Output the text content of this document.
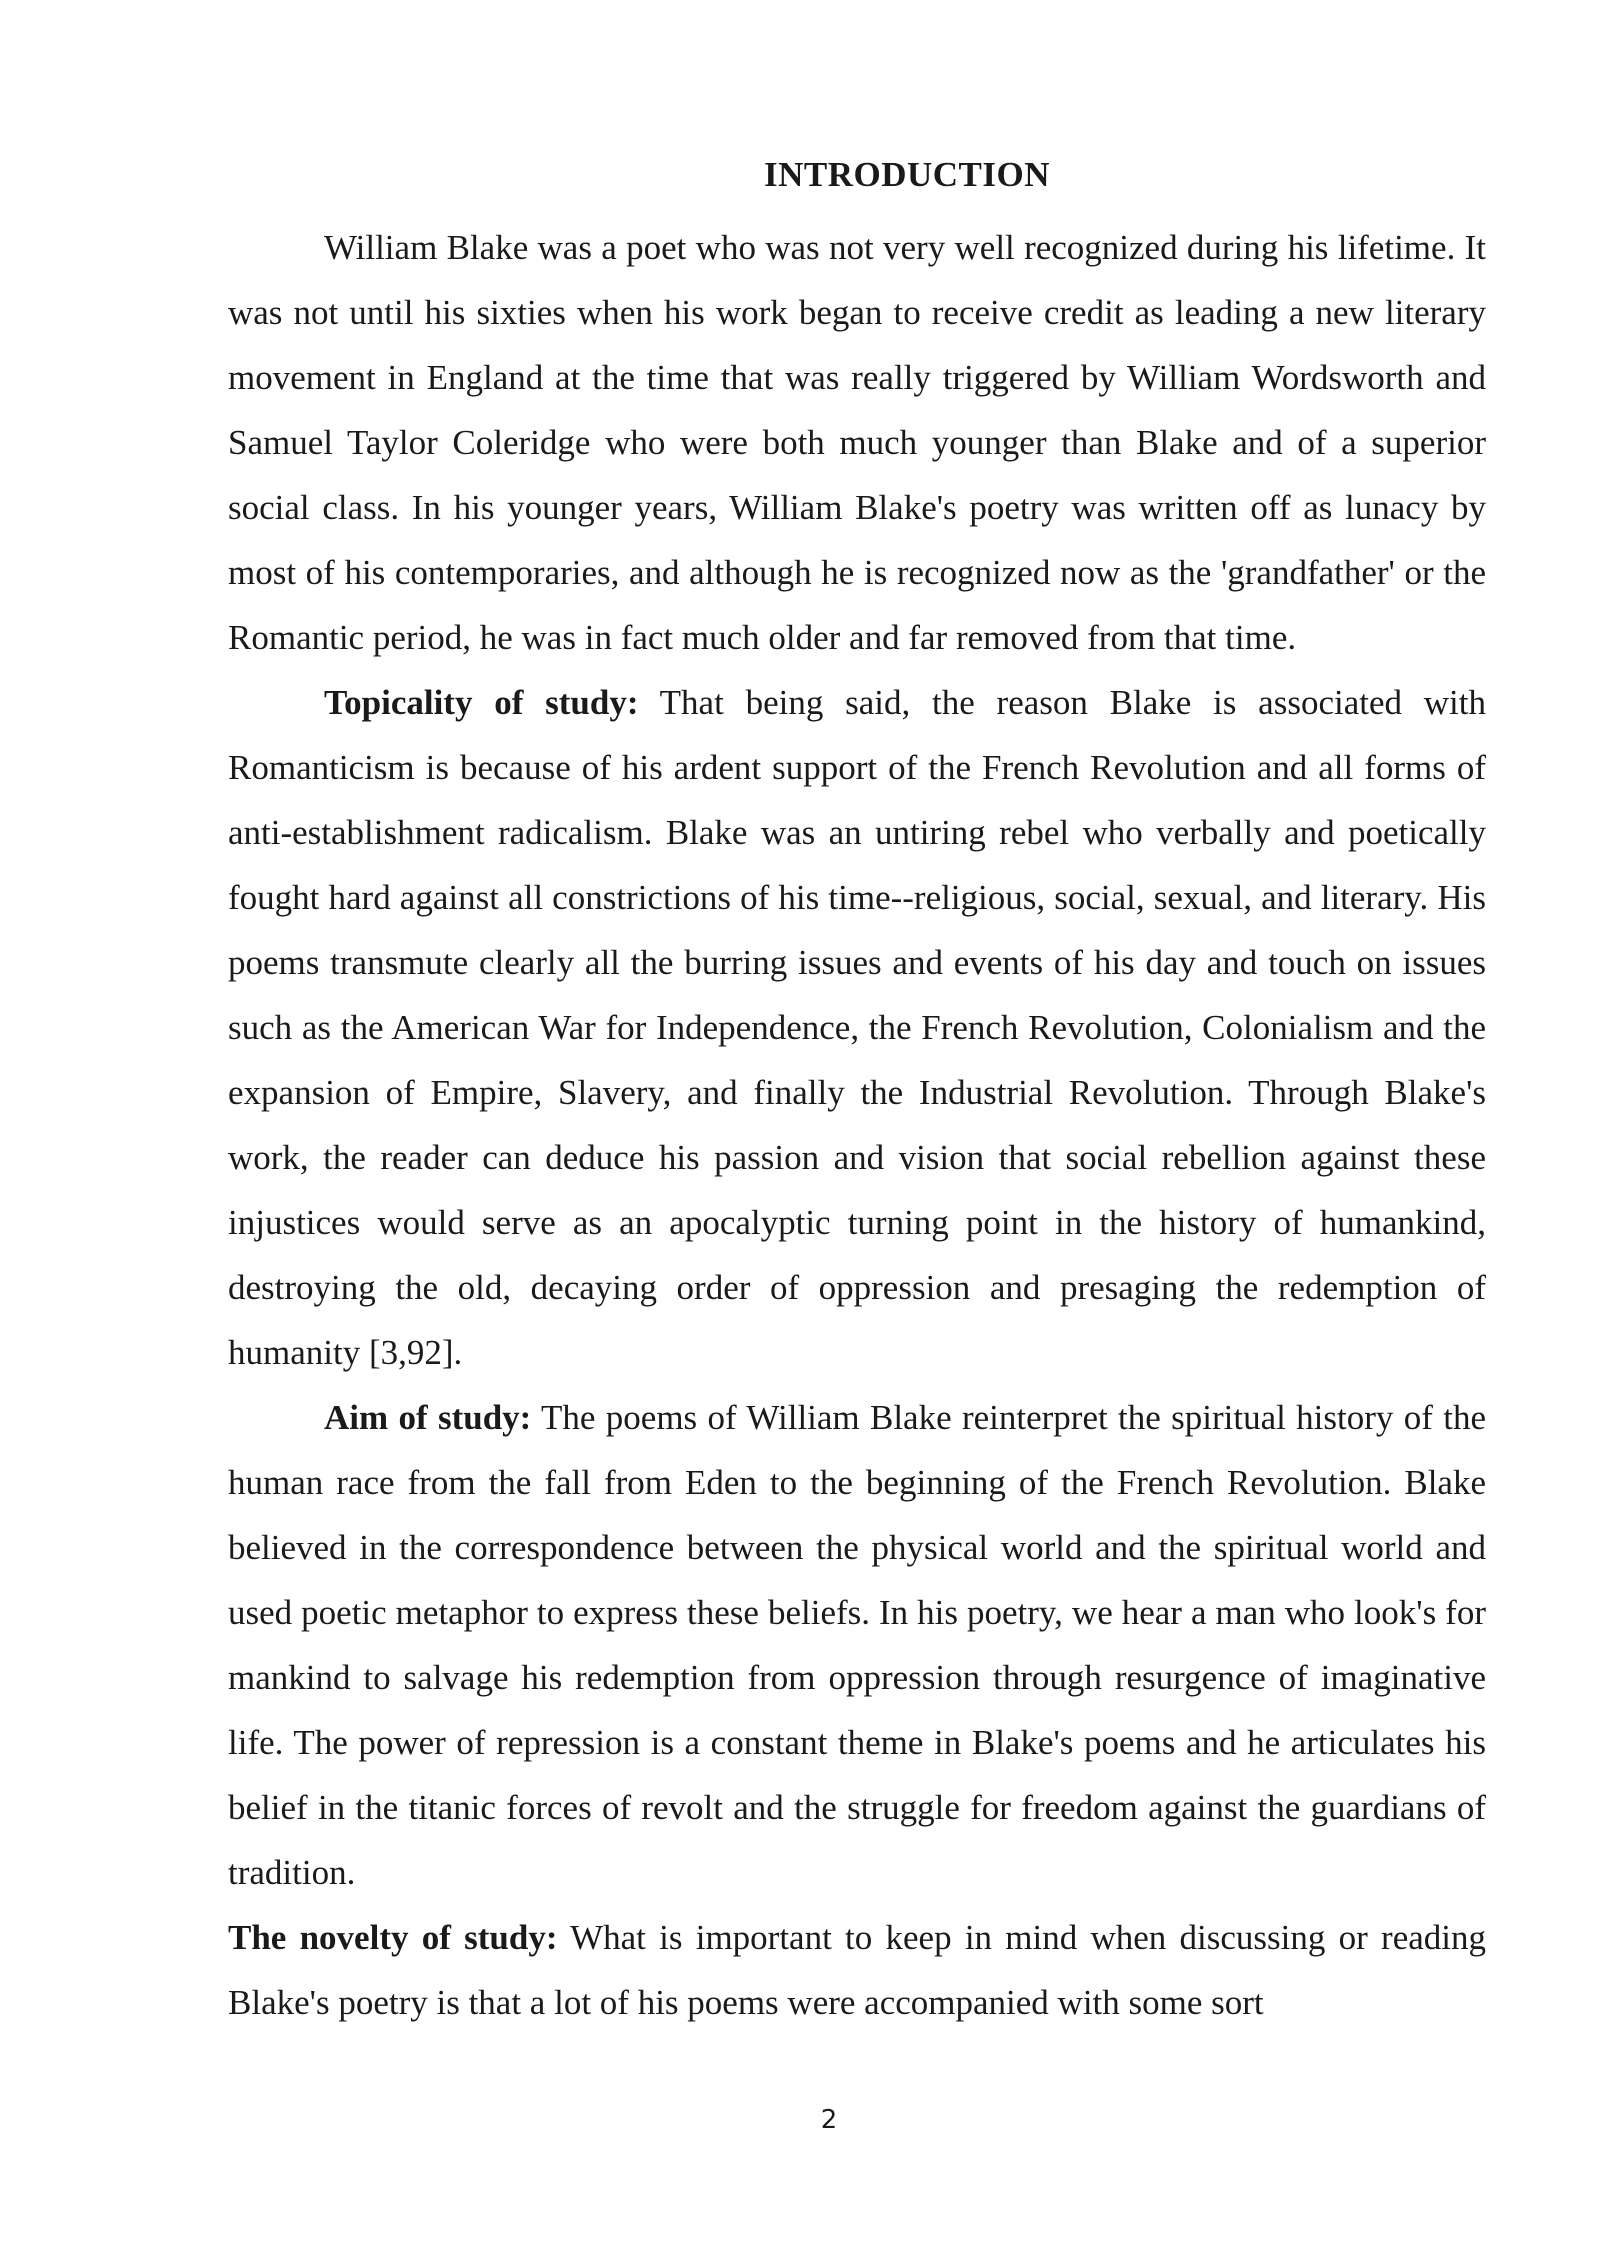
INTRODUCTION

William Blake was a poet who was not very well recognized during his lifetime. It was not until his sixties when his work began to receive credit as leading a new literary movement in England at the time that was really triggered by William Wordsworth and Samuel Taylor Coleridge who were both much younger than Blake and of a superior social class. In his younger years, William Blake's poetry was written off as lunacy by most of his contemporaries, and although he is recognized now as the 'grandfather' or the Romantic period, he was in fact much older and far removed from that time.

Topicality of study: That being said, the reason Blake is associated with Romanticism is because of his ardent support of the French Revolution and all forms of anti-establishment radicalism. Blake was an untiring rebel who verbally and poetically fought hard against all constrictions of his time--religious, social, sexual, and literary. His poems transmute clearly all the burring issues and events of his day and touch on issues such as the American War for Independence, the French Revolution, Colonialism and the expansion of Empire, Slavery, and finally the Industrial Revolution. Through Blake's work, the reader can deduce his passion and vision that social rebellion against these injustices would serve as an apocalyptic turning point in the history of humankind, destroying the old, decaying order of oppression and presaging the redemption of humanity [3,92].

Aim of study: The poems of William Blake reinterpret the spiritual history of the human race from the fall from Eden to the beginning of the French Revolution. Blake believed in the correspondence between the physical world and the spiritual world and used poetic metaphor to express these beliefs. In his poetry, we hear a man who look's for mankind to salvage his redemption from oppression through resurgence of imaginative life. The power of repression is a constant theme in Blake's poems and he articulates his belief in the titanic forces of revolt and the struggle for freedom against the guardians of tradition.

The novelty of study: What is important to keep in mind when discussing or reading Blake's poetry is that a lot of his poems were accompanied with some sort

2
